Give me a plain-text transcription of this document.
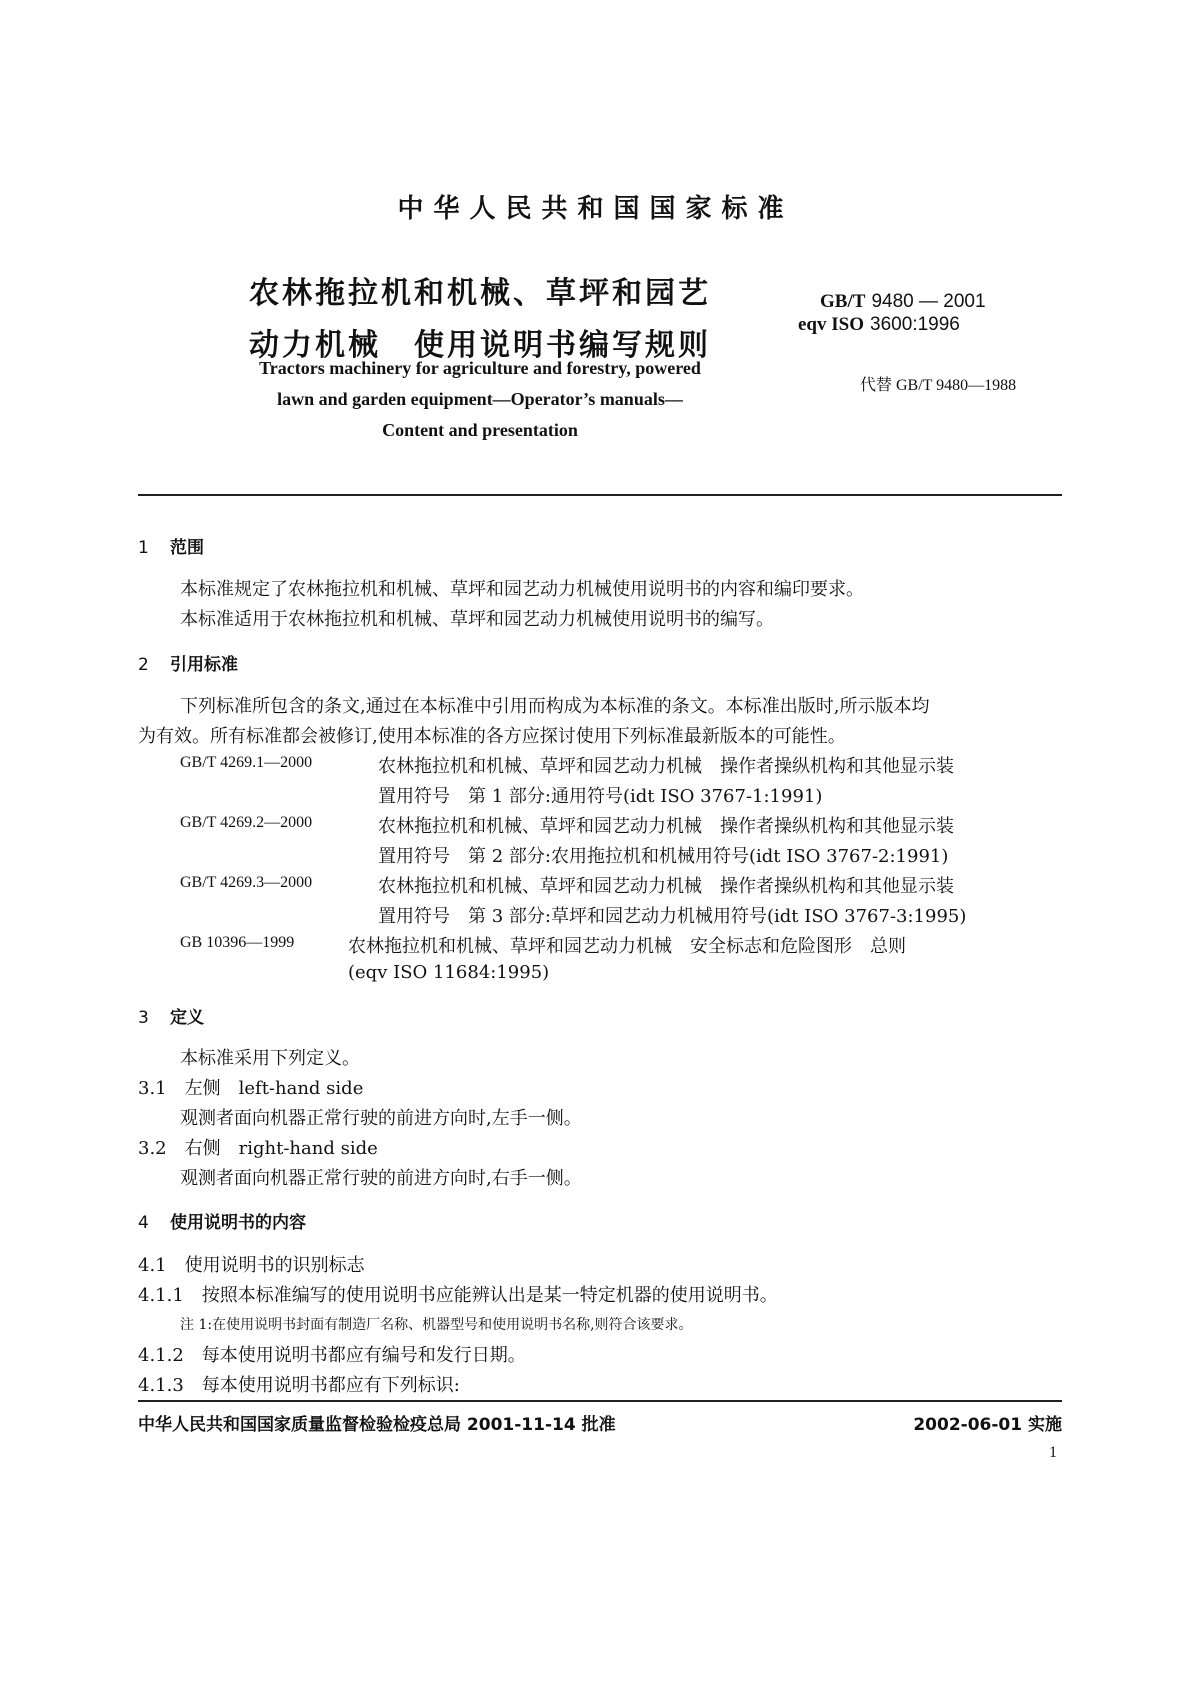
中华人民共和国国家标准
农林拖拉机和机械、草坪和园艺
动力机械　使用说明书编写规则
GB/T 9480 — 2001
eqv ISO 3600:1996
代替 GB/T 9480—1988
Tractors machinery for agriculture and forestry, powered
lawn and garden equipment—Operator’s manuals—
Content and presentation
1 范围
本标准规定了农林拖拉机和机械、草坪和园艺动力机械使用说明书的内容和编印要求。
本标准适用于农林拖拉机和机械、草坪和园艺动力机械使用说明书的编写。
2 引用标准
下列标准所包含的条文,通过在本标准中引用而构成为本标准的条文。本标准出版时,所示版本均
为有效。所有标准都会被修订,使用本标准的各方应探讨使用下列标准最新版本的可能性。
GB/T 4269.1—2000	农林拖拉机和机械、草坪和园艺动力机械　操作者操纵机构和其他显示装
置用符号　第 1 部分:通用符号(idt ISO 3767-1:1991)
GB/T 4269.2—2000	农林拖拉机和机械、草坪和园艺动力机械　操作者操纵机构和其他显示装
置用符号　第 2 部分:农用拖拉机和机械用符号(idt ISO 3767-2:1991)
GB/T 4269.3—2000	农林拖拉机和机械、草坪和园艺动力机械　操作者操纵机构和其他显示装
置用符号　第 3 部分:草坪和园艺动力机械用符号(idt ISO 3767-3:1995)
GB 10396—1999	农林拖拉机和机械、草坪和园艺动力机械　安全标志和危险图形　总则
(eqv ISO 11684:1995)
3 定义
本标准采用下列定义。
3.1　左侧　left-hand side
观测者面向机器正常行驶的前进方向时,左手一侧。
3.2　右侧　right-hand side
观测者面向机器正常行驶的前进方向时,右手一侧。
4 使用说明书的内容
4.1　使用说明书的识别标志
4.1.1　按照本标准编写的使用说明书应能辨认出是某一特定机器的使用说明书。
注 1:在使用说明书封面有制造厂名称、机器型号和使用说明书名称,则符合该要求。
4.1.2　每本使用说明书都应有编号和发行日期。
4.1.3　每本使用说明书都应有下列标识:
中华人民共和国国家质量监督检验检疫总局 2001-11-14 批准	2002-06-01 实施
1
